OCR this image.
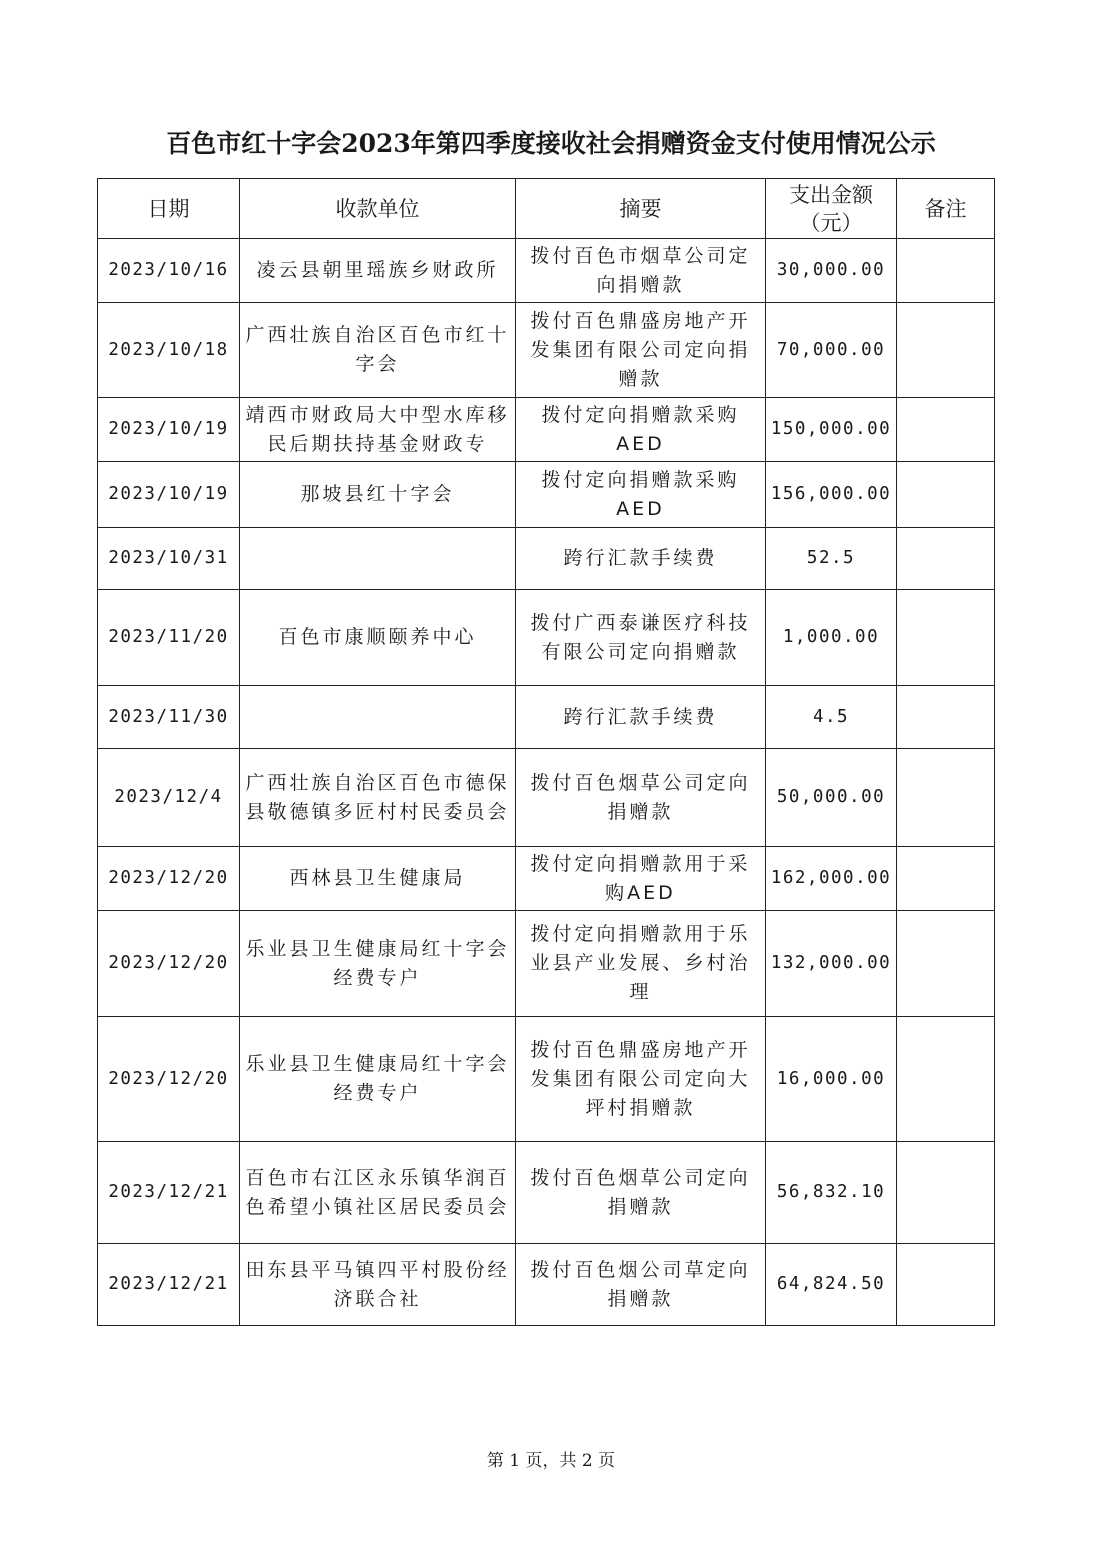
百色市红十字会2023年第四季度接收社会捐赠资金支付使用情况公示
日期	收款单位	摘要	支出金额（元）	备注
2023/10/16	凌云县朝里瑶族乡财政所	拨付百色市烟草公司定向捐赠款	30,000.00	
2023/10/18	广西壮族自治区百色市红十字会	拨付百色鼎盛房地产开发集团有限公司定向捐赠款	70,000.00	
2023/10/19	靖西市财政局大中型水库移民后期扶持基金财政专	拨付定向捐赠款采购AED	150,000.00	
2023/10/19	那坡县红十字会	拨付定向捐赠款采购AED	156,000.00	
2023/10/31		跨行汇款手续费	52.5	
2023/11/20	百色市康顺颐养中心	拨付广西泰谦医疗科技有限公司定向捐赠款	1,000.00	
2023/11/30		跨行汇款手续费	4.5	
2023/12/4	广西壮族自治区百色市德保县敬德镇多匠村村民委员会	拨付百色烟草公司定向捐赠款	50,000.00	
2023/12/20	西林县卫生健康局	拨付定向捐赠款用于采购AED	162,000.00	
2023/12/20	乐业县卫生健康局红十字会经费专户	拨付定向捐赠款用于乐业县产业发展、乡村治理	132,000.00	
2023/12/20	乐业县卫生健康局红十字会经费专户	拨付百色鼎盛房地产开发集团有限公司定向大坪村捐赠款	16,000.00	
2023/12/21	百色市右江区永乐镇华润百色希望小镇社区居民委员会	拨付百色烟草公司定向捐赠款	56,832.10	
2023/12/21	田东县平马镇四平村股份经济联合社	拨付百色烟公司草定向捐赠款	64,824.50	
第 1 页，共 2 页
